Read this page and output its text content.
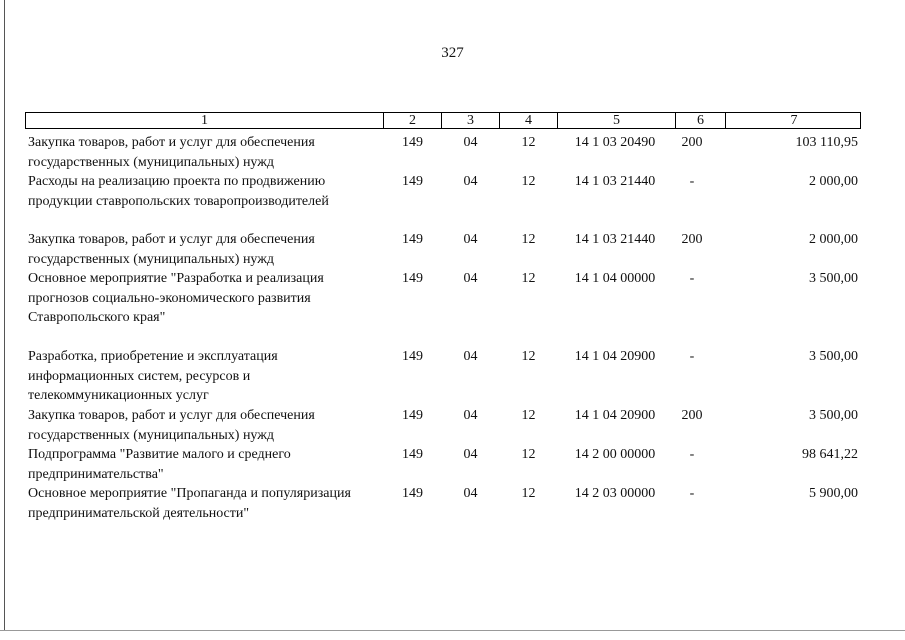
327
1	2	3	4	5	6	7
Закупка товаров, работ и услуг для обеспечения государственных (муниципальных) нужд
149	04	12	14 1 03 20490	200	103 110,95
Расходы на реализацию проекта по продвижению продукции ставропольских товаропроизводителей
149	04	12	14 1 03 21440	-	2 000,00
Закупка товаров, работ и услуг для обеспечения государственных (муниципальных) нужд
149	04	12	14 1 03 21440	200	2 000,00
Основное мероприятие "Разработка и реализация прогнозов социально-экономического развития Ставропольского края"
149	04	12	14 1 04 00000	-	3 500,00
Разработка, приобретение и эксплуатация информационных систем, ресурсов и телекоммуникационных услуг
149	04	12	14 1 04 20900	-	3 500,00
Закупка товаров, работ и услуг для обеспечения государственных (муниципальных) нужд
149	04	12	14 1 04 20900	200	3 500,00
Подпрограмма "Развитие малого и среднего предпринимательства"
149	04	12	14 2 00 00000	-	98 641,22
Основное мероприятие "Пропаганда и популяризация предпринимательской деятельности"
149	04	12	14 2 03 00000	-	5 900,00
